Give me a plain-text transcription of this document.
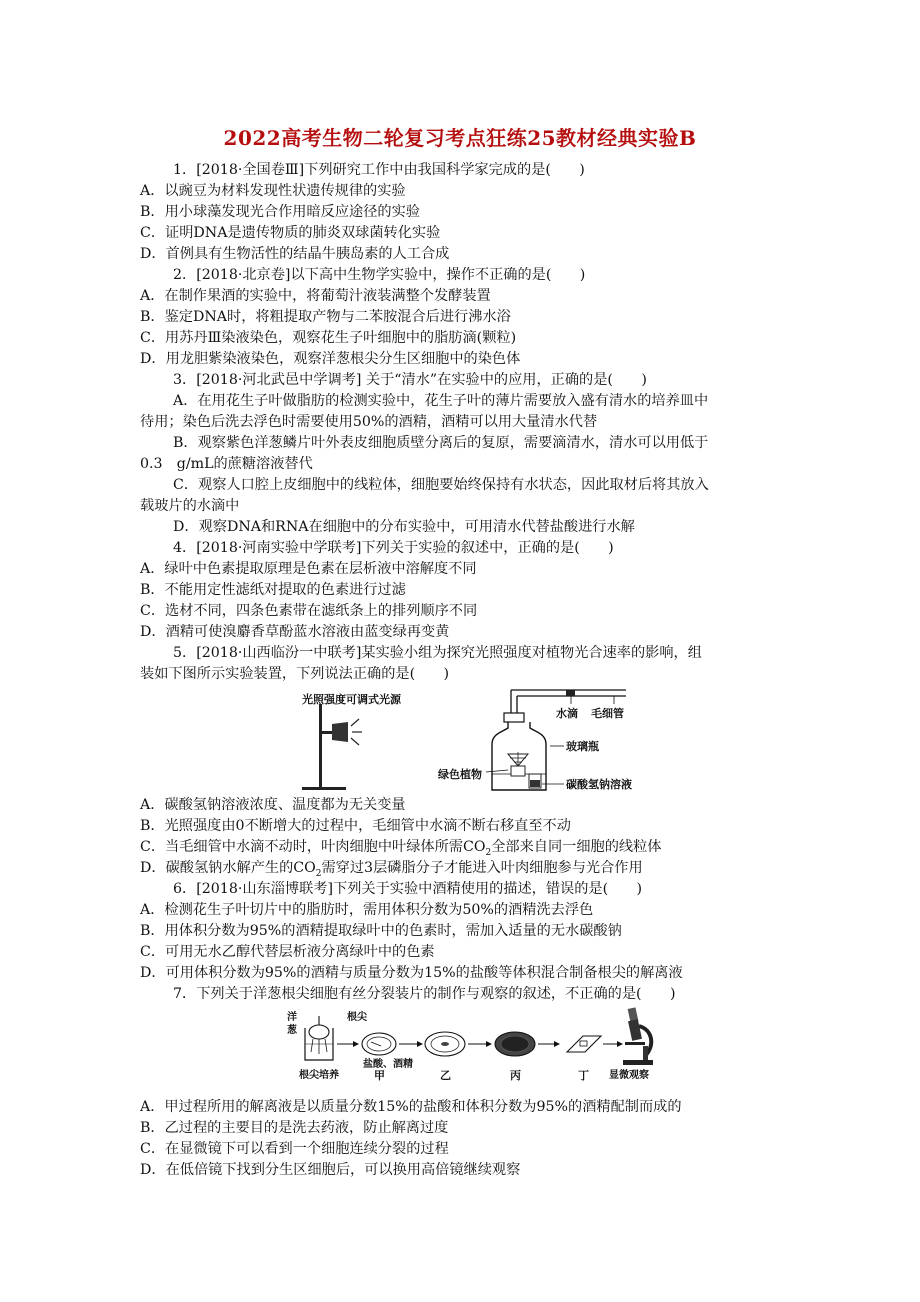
2022高考生物二轮复习考点狂练25教材经典实验B
1．[2018·全国卷Ⅲ]下列研究工作中由我国科学家完成的是(　　)
A．以豌豆为材料发现性状遗传规律的实验
B．用小球藻发现光合作用暗反应途径的实验
C．证明DNA是遗传物质的肺炎双球菌转化实验
D．首例具有生物活性的结晶牛胰岛素的人工合成
2．[2018·北京卷]以下高中生物学实验中，操作不正确的是(　　)
A．在制作果酒的实验中，将葡萄汁液装满整个发酵装置
B．鉴定DNA时，将粗提取产物与二苯胺混合后进行沸水浴
C．用苏丹Ⅲ染液染色，观察花生子叶细胞中的脂肪滴(颗粒)
D．用龙胆紫染液染色，观察洋葱根尖分生区细胞中的染色体
3．[2018·河北武邑中学调考] 关于“清水”在实验中的应用，正确的是(　　)
A．在用花生子叶做脂肪的检测实验中，花生子叶的薄片需要放入盛有清水的培养皿中
待用；染色后洗去浮色时需要使用50%的酒精，酒精可以用大量清水代替
B．观察紫色洋葱鳞片叶外表皮细胞质壁分离后的复原，需要滴清水，清水可以用低于
0.3　g/mL的蔗糖溶液替代
C．观察人口腔上皮细胞中的线粒体，细胞要始终保持有水状态，因此取材后将其放入
载玻片的水滴中
D．观察DNA和RNA在细胞中的分布实验中，可用清水代替盐酸进行水解
4．[2018·河南实验中学联考]下列关于实验的叙述中，正确的是(　　)
A．绿叶中色素提取原理是色素在层析液中溶解度不同
B．不能用定性滤纸对提取的色素进行过滤
C．选材不同，四条色素带在滤纸条上的排列顺序不同
D．酒精可使溴麝香草酚蓝水溶液由蓝变绿再变黄
5．[2018·山西临汾一中联考]某实验小组为探究光照强度对植物光合速率的影响，组
装如下图所示实验装置，下列说法正确的是(　　)
光照强度可调式光源
水滴 毛细管
玻璃瓶
绿色植物
碳酸氢钠溶液
A．碳酸氢钠溶液浓度、温度都为无关变量
B．光照强度由0不断增大的过程中，毛细管中水滴不断右移直至不动
C．当毛细管中水滴不动时，叶肉细胞中叶绿体所需$CO_2$全部来自同一细胞的线粒体
D．碳酸氢钠水解产生的$CO_2$需穿过3层磷脂分子才能进入叶肉细胞参与光合作用
6．[2018·山东淄博联考]下列关于实验中酒精使用的描述，错误的是(　　)
A．检测花生子叶切片中的脂肪时，需用体积分数为50%的酒精洗去浮色
B．用体积分数为95%的酒精提取绿叶中的色素时，需加入适量的无水碳酸钠
C．可用无水乙醇代替层析液分离绿叶中的色素
D．可用体积分数为95%的酒精与质量分数为15%的盐酸等体积混合制备根尖的解离液
7．下列关于洋葱根尖细胞有丝分裂装片的制作与观察的叙述，不正确的是(　　)
洋
葱
根尖培养
根尖
盐酸、酒精
甲	乙	丙	丁 显微观察
A．甲过程所用的解离液是以质量分数15%的盐酸和体积分数为95%的酒精配制而成的
B．乙过程的主要目的是洗去药液，防止解离过度
C．在显微镜下可以看到一个细胞连续分裂的过程
D．在低倍镜下找到分生区细胞后，可以换用高倍镜继续观察
